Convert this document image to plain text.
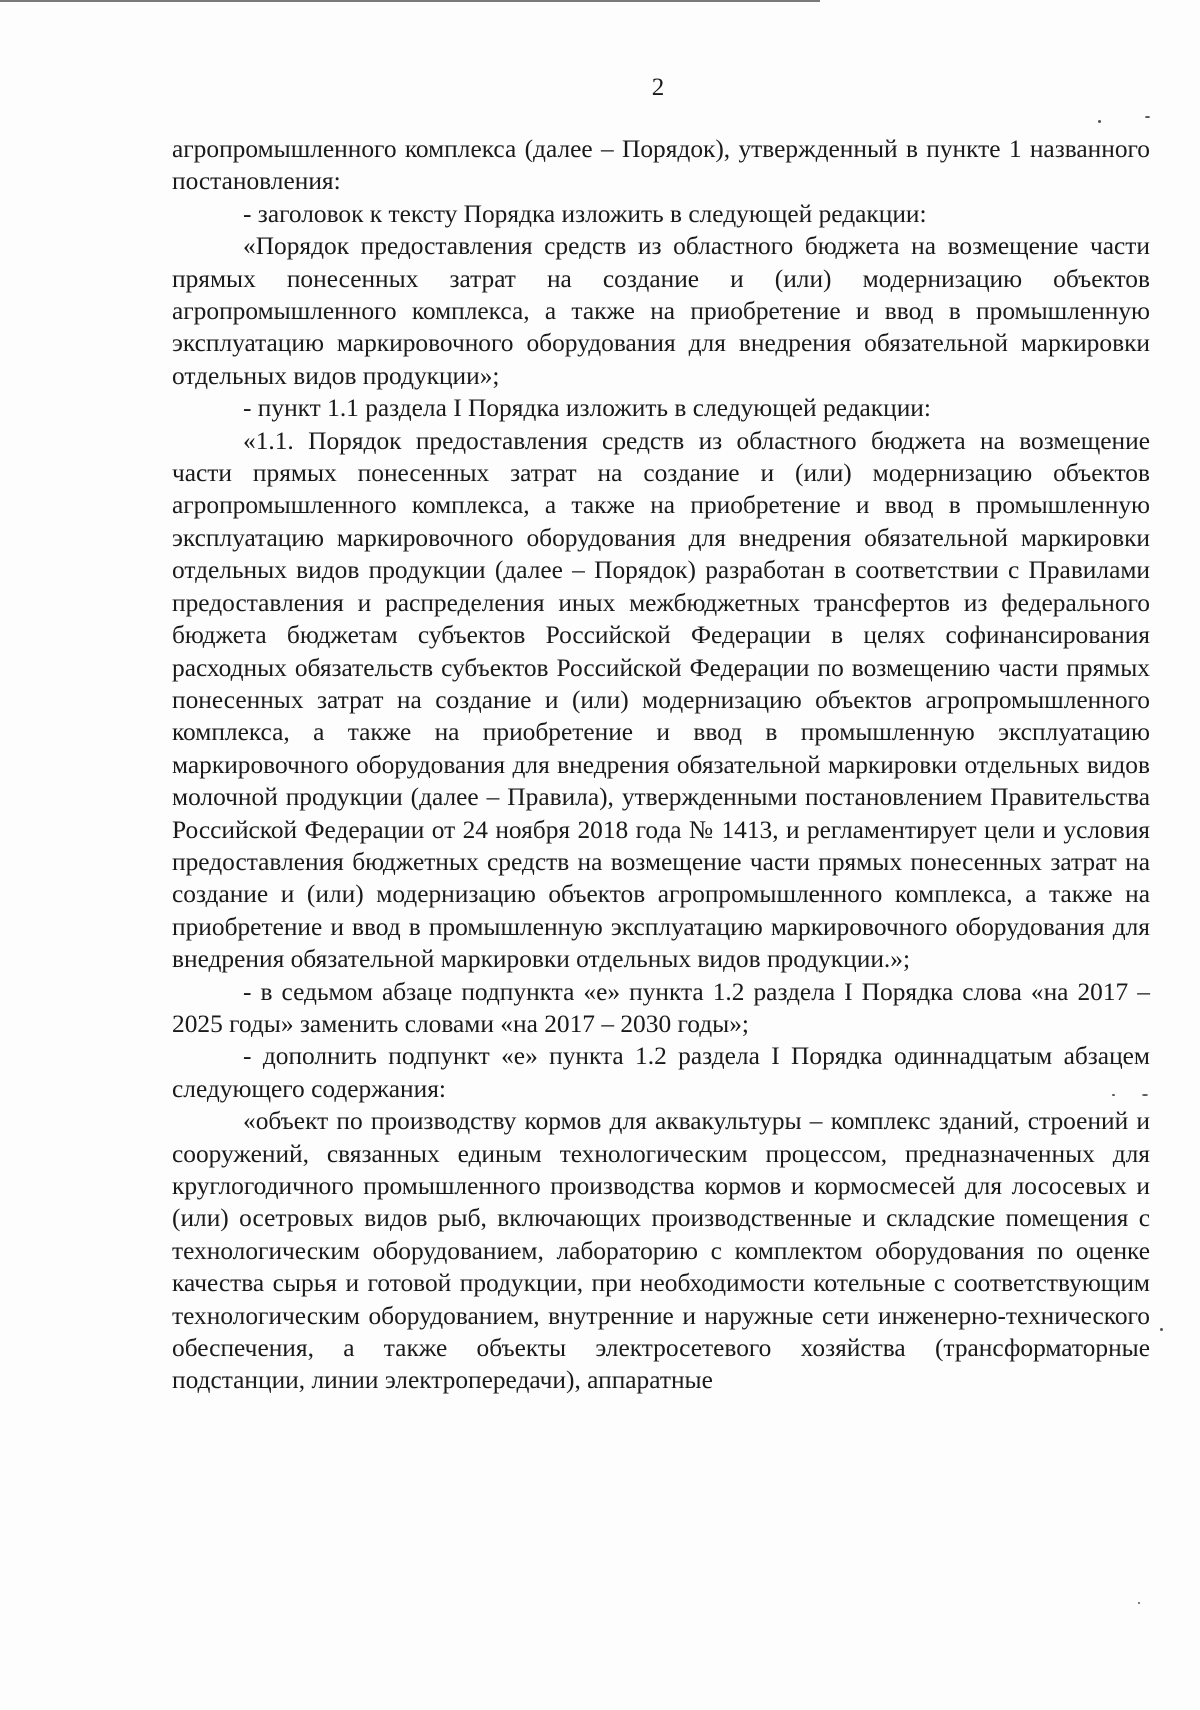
2

агропромышленного комплекса (далее – Порядок), утвержденный в пункте 1 названного постановления:

- заголовок к тексту Порядка изложить в следующей редакции:

«Порядок предоставления средств из областного бюджета на возмещение части прямых понесенных затрат на создание и (или) модернизацию объектов агропромышленного комплекса, а также на приобретение и ввод в промышленную эксплуатацию маркировочного оборудования для внедрения обязательной маркировки отдельных видов продукции»;

- пункт 1.1 раздела I Порядка изложить в следующей редакции:

«1.1. Порядок предоставления средств из областного бюджета на возмещение части прямых понесенных затрат на создание и (или) модернизацию объектов агропромышленного комплекса, а также на приобретение и ввод в промышленную эксплуатацию маркировочного оборудования для внедрения обязательной маркировки отдельных видов продукции (далее – Порядок) разработан в соответствии с Правилами предоставления и распределения иных межбюджетных трансфертов из федерального бюджета бюджетам субъектов Российской Федерации в целях софинансирования расходных обязательств субъектов Российской Федерации по возмещению части прямых понесенных затрат на создание и (или) модернизацию объектов агропромышленного комплекса, а также на приобретение и ввод в промышленную эксплуатацию маркировочного оборудования для внедрения обязательной маркировки отдельных видов молочной продукции (далее – Правила), утвержденными постановлением Правительства Российской Федерации от 24 ноября 2018 года № 1413, и регламентирует цели и условия предоставления бюджетных средств на возмещение части прямых понесенных затрат на создание и (или) модернизацию объектов агропромышленного комплекса, а также на приобретение и ввод в промышленную эксплуатацию маркировочного оборудования для внедрения обязательной маркировки отдельных видов продукции.»;

- в седьмом абзаце подпункта «е» пункта 1.2 раздела I Порядка слова «на 2017 – 2025 годы» заменить словами «на 2017 – 2030 годы»;

- дополнить подпункт «е» пункта 1.2 раздела I Порядка одиннадцатым абзацем следующего содержания:

«объект по производству кормов для аквакультуры – комплекс зданий, строений и сооружений, связанных единым технологическим процессом, предназначенных для круглогодичного промышленного производства кормов и кормосмесей для лососевых и (или) осетровых видов рыб, включающих производственные и складские помещения с технологическим оборудованием, лабораторию с комплектом оборудования по оценке качества сырья и готовой продукции, при необходимости котельные с соответствующим технологическим оборудованием, внутренние и наружные сети инженерно-технического обеспечения, а также объекты электросетевого хозяйства (трансформаторные подстанции, линии электропередачи), аппаратные
